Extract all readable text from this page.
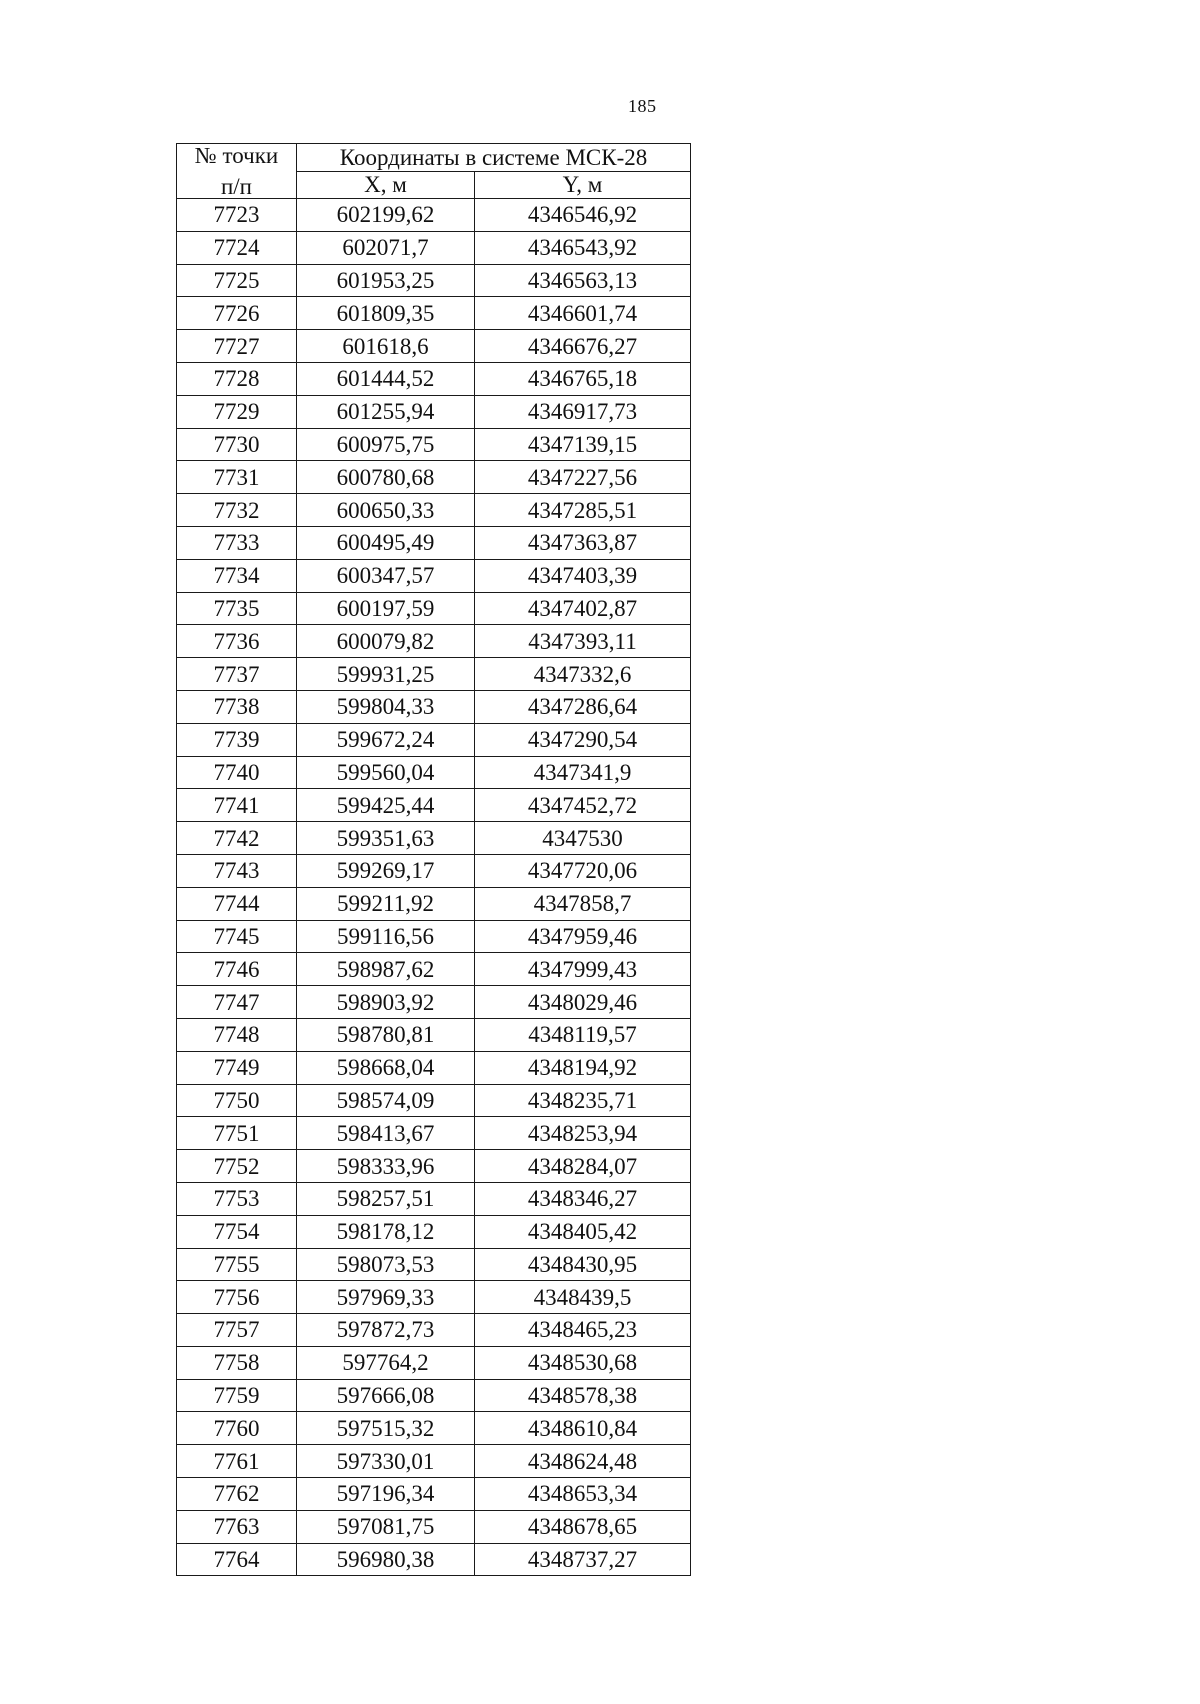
185
№ точки
п/п	Координаты в системе МСК-28	
	X, м	Y, м
7723	602199,62	4346546,92
7724	602071,7	4346543,92
7725	601953,25	4346563,13
7726	601809,35	4346601,74
7727	601618,6	4346676,27
7728	601444,52	4346765,18
7729	601255,94	4346917,73
7730	600975,75	4347139,15
7731	600780,68	4347227,56
7732	600650,33	4347285,51
7733	600495,49	4347363,87
7734	600347,57	4347403,39
7735	600197,59	4347402,87
7736	600079,82	4347393,11
7737	599931,25	4347332,6
7738	599804,33	4347286,64
7739	599672,24	4347290,54
7740	599560,04	4347341,9
7741	599425,44	4347452,72
7742	599351,63	4347530
7743	599269,17	4347720,06
7744	599211,92	4347858,7
7745	599116,56	4347959,46
7746	598987,62	4347999,43
7747	598903,92	4348029,46
7748	598780,81	4348119,57
7749	598668,04	4348194,92
7750	598574,09	4348235,71
7751	598413,67	4348253,94
7752	598333,96	4348284,07
7753	598257,51	4348346,27
7754	598178,12	4348405,42
7755	598073,53	4348430,95
7756	597969,33	4348439,5
7757	597872,73	4348465,23
7758	597764,2	4348530,68
7759	597666,08	4348578,38
7760	597515,32	4348610,84
7761	597330,01	4348624,48
7762	597196,34	4348653,34
7763	597081,75	4348678,65
7764	596980,38	4348737,27
